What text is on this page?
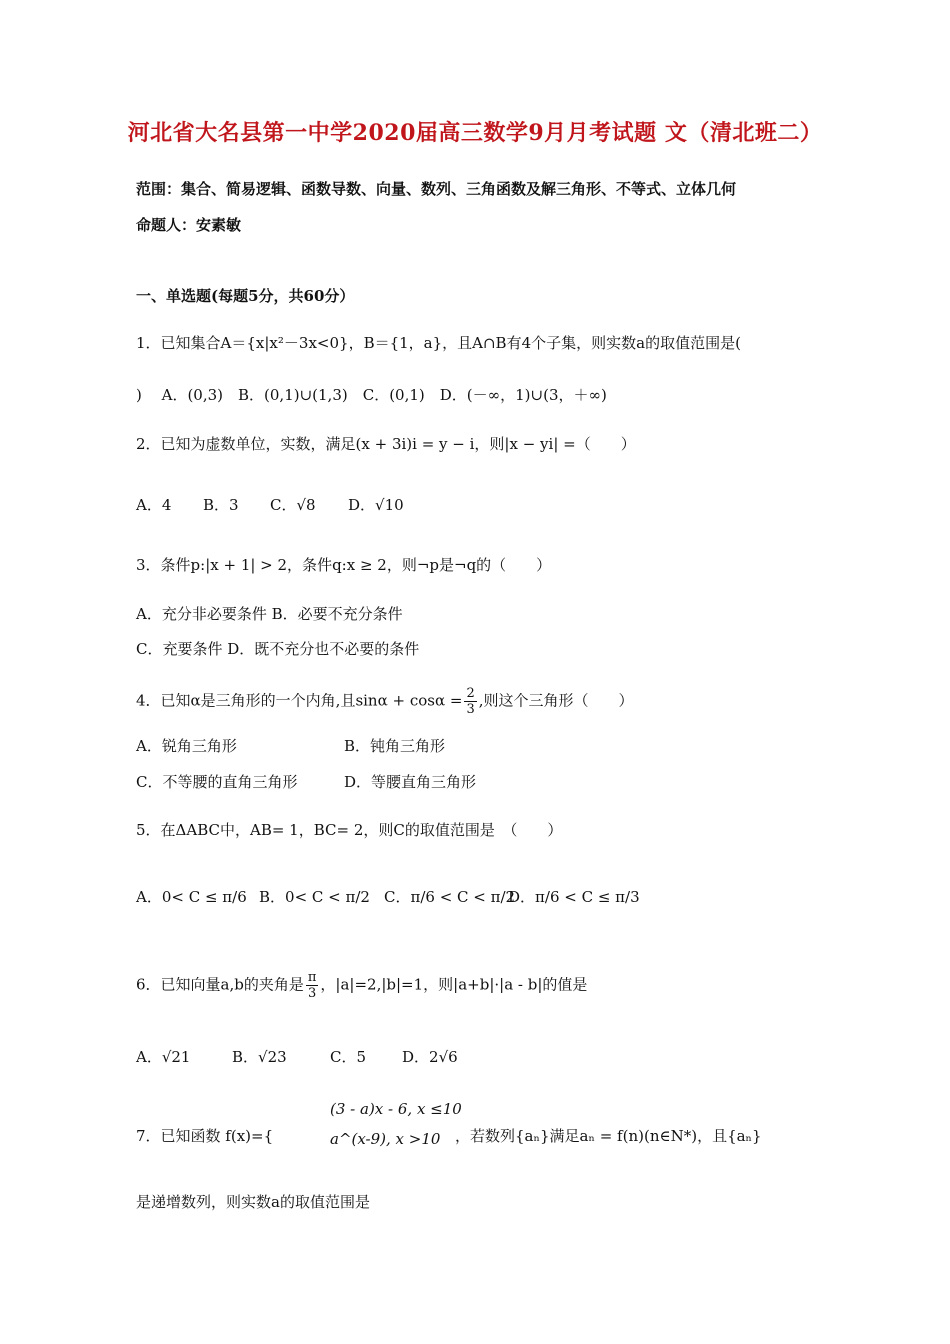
河北省大名县第一中学2020届高三数学9月月考试题 文（清北班二）
范围：集合、简易逻辑、函数导数、向量、数列、三角函数及解三角形、不等式、立体几何
命题人：安素敏
一、单选题(每题5分，共60分）
1．已知集合A＝{x|x²－3x<0}，B＝{1，a}，且A∩B有4个子集，则实数a的取值范围是(
)　 A．(0,3)　B．(0,1)∪(1,3)　C．(0,1)　D．(－∞，1)∪(3，＋∞)
2．已知为虚数单位，实数，满足(x + 3i)i = y − i，则|x − yi| =（　　）
A．4 B．3 C．√8 D．√10
3．条件p:|x + 1| > 2，条件q:x ≥ 2，则¬p是¬q的（　　）
A．充分非必要条件 B．必要不充分条件
C．充要条件 D．既不充分也不必要的条件
4．已知α是三角形的一个内角,且$\sin\alpha + \cos\alpha = \frac{2}{3}$ ,则这个三角形（　　）
A．锐角三角形	B．钝角三角形
C．不等腰的直角三角形	D．等腰直角三角形
5．在ΔABC中，AB= 1，BC= 2，则C的取值范围是　（　　）
A．0< C ≤ π/6 B．0< C < π/2 C．π/6 < C < π/2
D．π/6 < C ≤ π/3
6．已知向量a,b的夹角是 $\frac{\pi}{3}$ ，|a|=2,|b|=1，则|a+b|·|a - b|的值是
A．√21	B．√23	C．5 D．2√6
7．已知函数 f(x)={
(3 - a)x - 6, x ≤10
a^(x-9), x >10 ，若数列{aₙ}满足aₙ = f(n)(n∈N*)，且{aₙ}
是递增数列，则实数a的取值范围是
